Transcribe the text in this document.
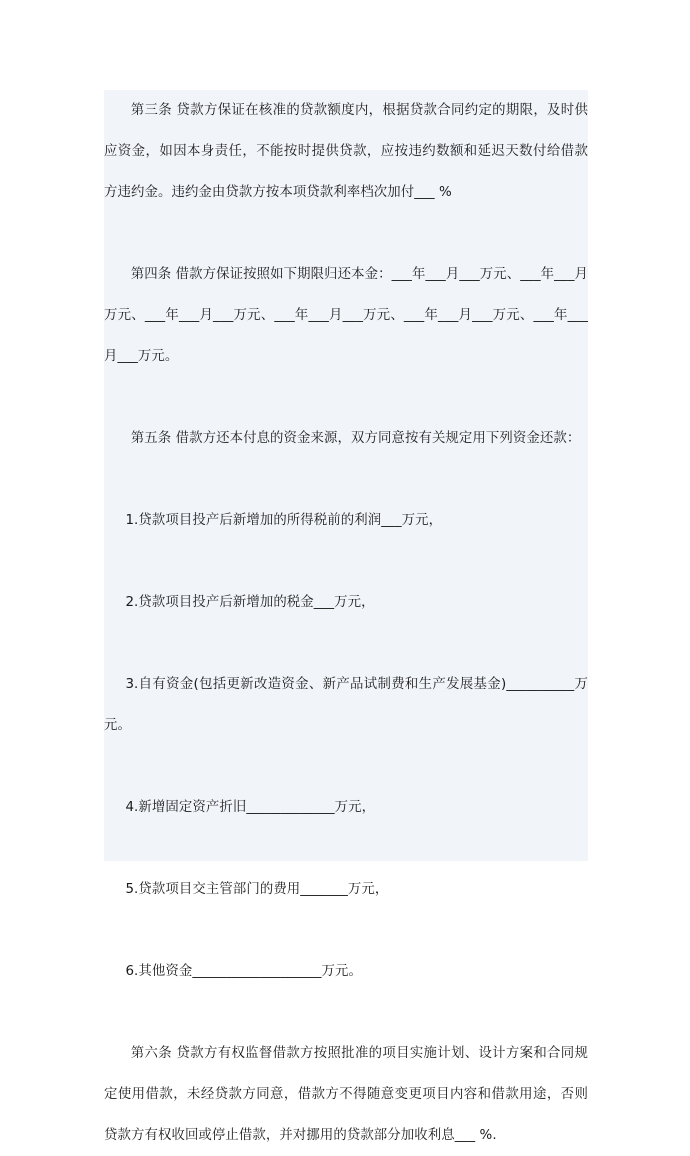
第三条 贷款方保证在核准的贷款额度内，根据贷款合同约定的期限，及时供应资金，如因本身责任，不能按时提供贷款，应按违约数额和延迟天数付给借款方违约金。违约金由贷款方按本项贷款利率档次加付___ %

第四条 借款方保证按照如下期限归还本金：___年___月___万元、___年___月万元、___年___月___万元、___年___月___万元、___年___月___万元、___年___月___万元。

第五条 借款方还本付息的资金来源，双方同意按有关规定用下列资金还款：

1.贷款项目投产后新增加的所得税前的利润___万元，

2.贷款项目投产后新增加的税金___万元，

3.自有资金(包括更新改造资金、新产品试制费和生产发展基金)__________万元。

4.新增固定资产折旧_____________万元，

5.贷款项目交主管部门的费用_______万元，

6.其他资金___________________万元。

第六条 贷款方有权监督借款方按照批准的项目实施计划、设计方案和合同规定使用借款，未经贷款方同意，借款方不得随意变更项目内容和借款用途，否则贷款方有权收回或停止借款，并对挪用的贷款部分加收利息___ %.
